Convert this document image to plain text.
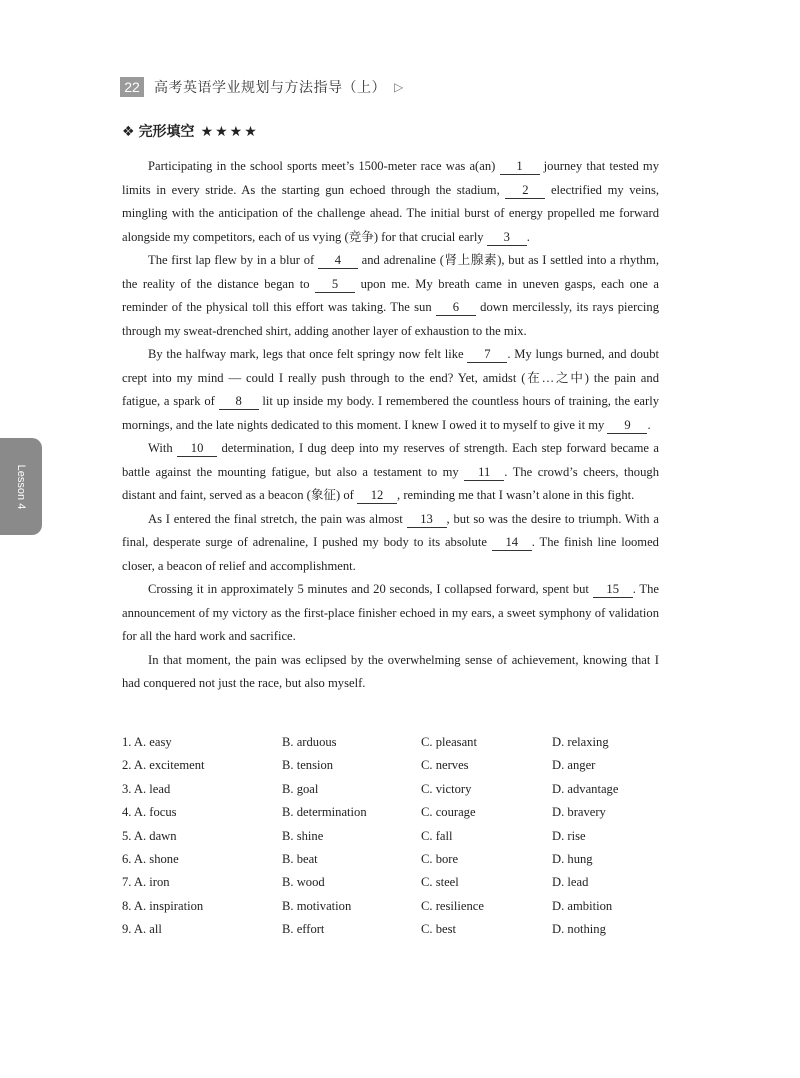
22	高考英语学业规划与方法指导（上） ▷
❖ 完形填空 ★★★★
Lesson 4

Participating in the school sports meet’s 1500-meter race was a(an) 1 journey that tested my limits in every stride. As the starting gun echoed through the stadium, 2 electrified my veins, mingling with the anticipation of the challenge ahead. The initial burst of energy propelled me forward alongside my competitors, each of us vying (竞争) for that crucial early 3 .

The first lap flew by in a blur of 4 and adrenaline (肾上腺素), but as I settled into a rhythm, the reality of the distance began to 5 upon me. My breath came in uneven gasps, each one a reminder of the physical toll this effort was taking. The sun 6 down mercilessly, its rays piercing through my sweat-drenched shirt, adding another layer of exhaustion to the mix.

By the halfway mark, legs that once felt springy now felt like 7 . My lungs burned, and doubt crept into my mind — could I really push through to the end? Yet, amidst (在…之中) the pain and fatigue, a spark of 8 lit up inside my body. I remembered the countless hours of training, the early mornings, and the late nights dedicated to this moment. I knew I owed it to myself to give it my 9 .

With 10 determination, I dug deep into my reserves of strength. Each step forward became a battle against the mounting fatigue, but also a testament to my 11 . The crowd’s cheers, though distant and faint, served as a beacon (象征) of 12 , reminding me that I wasn’t alone in this fight.

As I entered the final stretch, the pain was almost 13 , but so was the desire to triumph. With a final, desperate surge of adrenaline, I pushed my body to its absolute 14 . The finish line loomed closer, a beacon of relief and accomplishment.

Crossing it in approximately 5 minutes and 20 seconds, I collapsed forward, spent but 15 . The announcement of my victory as the first-place finisher echoed in my ears, a sweet symphony of validation for all the hard work and sacrifice.

In that moment, the pain was eclipsed by the overwhelming sense of achievement, knowing that I had conquered not just the race, but also myself.

1. A. easy	B. arduous	C. pleasant	D. relaxing
2. A. excitement	B. tension	C. nerves	D. anger
3. A. lead	B. goal	C. victory	D. advantage
4. A. focus	B. determination	C. courage	D. bravery
5. A. dawn	B. shine	C. fall	D. rise
6. A. shone	B. beat	C. bore	D. hung
7. A. iron	B. wood	C. steel	D. lead
8. A. inspiration	B. motivation	C. resilience	D. ambition
9. A. all	B. effort	C. best	D. nothing
